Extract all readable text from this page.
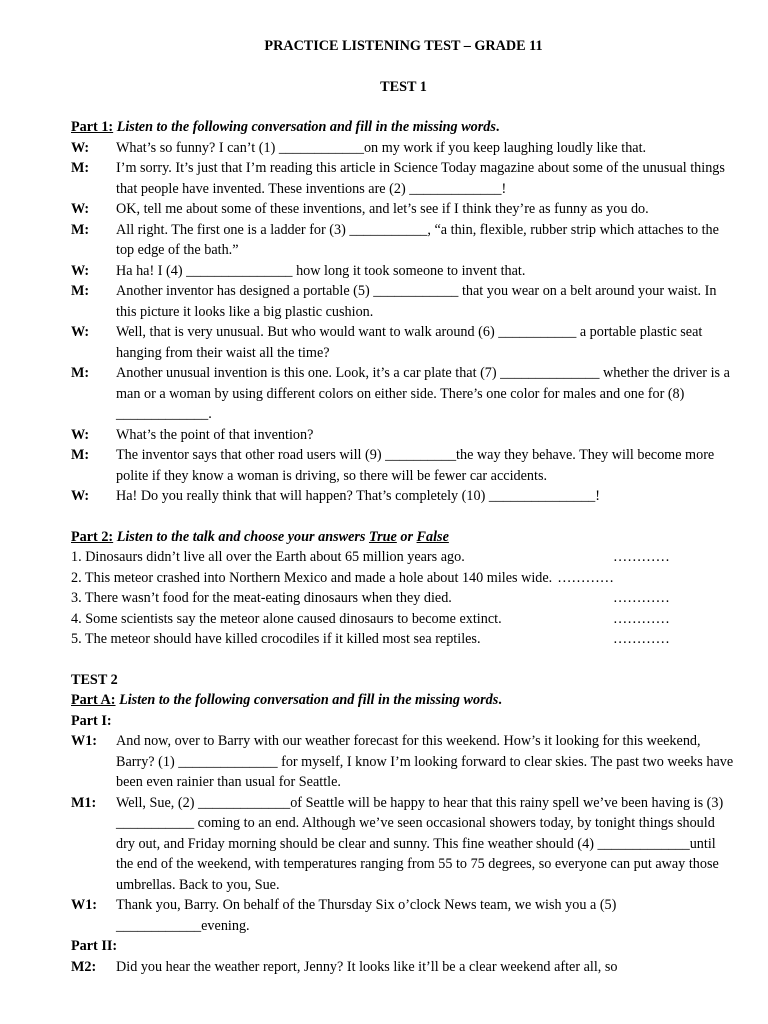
PRACTICE LISTENING TEST – GRADE 11
TEST 1
Part 1: Listen to the following conversation and fill in the missing words.
W:	What’s so funny? I can’t (1) ____________on my work if you keep laughing loudly like that.
M:	I’m sorry. It’s just that I’m reading this article in Science Today magazine about some of the unusual things that people have invented. These inventions are (2) _____________!
W:	OK, tell me about some of these inventions, and let’s see if I think they’re as funny as you do.
M:	All right. The first one is a ladder for (3) ___________, “a thin, flexible, rubber strip which attaches to the top edge of the bath.”
W:	Ha ha! I (4) _______________ how long it took someone to invent that.
M:	Another inventor has designed a portable (5) ____________ that you wear on a belt around your waist. In this picture it looks like a big plastic cushion.
W:	Well, that is very unusual. But who would want to walk around (6) ___________ a portable plastic seat hanging from their waist all the time?
M:	Another unusual invention is this one. Look, it’s a car plate that (7) ______________ whether the driver is a man or a woman by using different colors on either side. There’s one color for males and one for (8) _____________.
W:	What’s the point of that invention?
M:	The inventor says that other road users will (9) __________the way they behave. They will become more polite if they know a woman is driving, so there will be fewer car accidents.
W:	Ha! Do you really think that will happen? That’s completely (10) _______________!
Part 2: Listen to the talk and choose your answers True or False
1. Dinosaurs didn’t live all over the Earth about 65 million years ago.	…………
2. This meteor crashed into Northern Mexico and made a hole about 140 miles wide. …………
3. There wasn’t food for the meat-eating dinosaurs when they died.	…………
4. Some scientists say the meteor alone caused dinosaurs to become extinct.	…………
5. The meteor should have killed crocodiles if it killed most sea reptiles.	…………
TEST 2
Part A: Listen to the following conversation and fill in the missing words.
Part I:
W1:	And now, over to Barry with our weather forecast for this weekend. How’s it looking for this weekend, Barry? (1) ______________ for myself, I know I’m looking forward to clear skies. The past two weeks have been even rainier than usual for Seattle.
M1:	Well, Sue, (2) _____________of Seattle will be happy to hear that this rainy spell we’ve been having is (3) ___________ coming to an end. Although we’ve seen occasional showers today, by tonight things should dry out, and Friday morning should be clear and sunny. This fine weather should (4) _____________until the end of the weekend, with temperatures ranging from 55 to 75 degrees, so everyone can put away those umbrellas. Back to you, Sue.
W1:	Thank you, Barry. On behalf of the Thursday Six o’clock News team, we wish you a (5) ____________evening.
Part II:
M2:	Did you hear the weather report, Jenny? It looks like it’ll be a clear weekend after all, so
